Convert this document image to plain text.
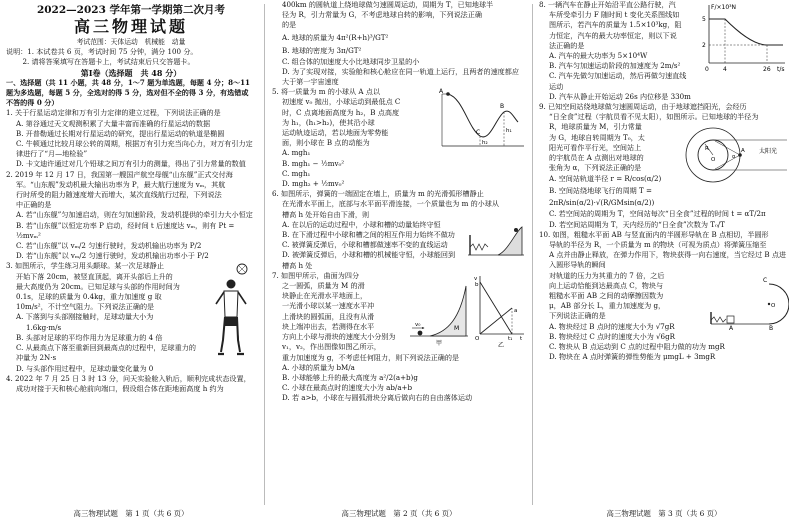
2022—2023 学年第一学期第二次月考

高三物理试题

考试范围：天体运动　机械能　动量

说明：1. 本试卷共 6 页，考试时间 75 分钟，满分 100 分。

　　 2. 请将答案填写在答题卡上，考试结束后只交答题卡。

第Ⅰ卷（选择题　共 48 分）

一、选择题（共 11 小题，共 48 分，1～7 题为单选题，每题 4 分；8～11

题为多选题，每题 5 分，全选对的得 5 分，选对但不全的得 3 分，有选错或

不答的得 0 分）

1. 关于行星运动定律和万有引力定律的建立过程，下列说法正确的是

A. 第谷通过天文观测积累了大量丰富而准确的行星运动的数据

B. 开普勒通过长期对行星运动的研究，提出行星运动的轨道是椭圆

C. 牛顿通过比较月球公转的周期，根据万有引力充当向心力，对万有引力定律进行了“月—地检验”

D. 卡文迪许通过对几个铅球之间万有引力的测量，得出了引力常量的数值

2. 2019 年 12 月 17 日，我国第一艘国产航空母舰“山东舰”正式交付海

军。“山东舰”发动机最大输出功率为 P，最大航行速度为 vₘ，其航

行时所受的阻力随速度增大而增大，某次直线航行过程，下列说法

中正确的是

A. 若“山东舰”匀加速启动，则在匀加速阶段，发动机提供的牵引力大小恒定

B. 若“山东舰”以恒定功率 P 启动，经时间 t 后速度达 vₘ，则有 Pt = ½mvₘ²

C. 若“山东舰”以 vₘ/2 匀速行驶时，发动机输出功率为 P/2

D. 若“山东舰”以 vₘ/2 匀速行驶时，发动机输出功率小于 P/2

3. 如图所示，学生练习用头颠球。某一次足球静止

开始下落 20cm，被竖直顶起，离开头部后上升的

最大高度仍为 20cm。已知足球与头部的作用时间为

0.1s，足球的质量为 0.4kg，重力加速度 g 取

10m/s²，不计空气阻力。下列说法正确的是

A. 下落到与头部刚接触时，足球动量大小为

1.6kg·m/s

B. 头部对足球的平均作用力为足球重力的 4 倍

C. 从最高点下落至重新回到最高点的过程中，足球重力的冲量为 2N·s

D. 与头部作用过程中，足球动量变化量为 0

4. 2022 年 7 月 25 日 3 时 13 分，问天实验舱入轨后，顺利完成状态设置，

成功对接于天和核心舱前向端口，假设组合体在距地面高度 h 约为

高三物理试题　第 1 页（共 6 页）

400km 的圆轨道上绕地球做匀速圆周运动，周期为 T，已知地球半

径为 R，引力常量为 G，不考虑地球自转的影响，下列说法正确

的是

A. 地球的质量为 4π²(R+h)³/GT²

B. 地球的密度为 3π/GT²

C. 组合体的加速度大小比地球同步卫星的小

D. 为了实现对接，实验舱和核心舱应在同一轨道上运行，且两者的速度都应大于第一宇宙速度

A
B
C	h₁
h₂

5. 将一质量为 m 的小球从 A 点以

初速度 v₀ 抛出，小球运动到最低点 C

时，C 点离地面高度为 h₂，B 点高度

为 h₁，(h₁>h₂)，使其沿小球

运动轨迹运动，若以地面为零势能

面，则小球在 B 点的动能为

A. mgh₁

B. mgh₁ − ½mv₀²

C. mgh₁

D. mgh₂ + ½mv₀²

6. 如图所示，弹簧的一端固定在墙上，质量为 m 的光滑弧形槽静止

在光滑水平面上，底部与水平面平滑连接，一个质量也为 m 的小球从

槽高 h 处开始自由下滑，则

A. 在以后的运动过程中，小球和槽的动量始终守恒

B. 在下滑过程中小球和槽之间的相互作用力始终不做功

C. 被弹簧反弹后，小球和槽都做速率不变的直线运动

D. 被弹簧反弹后，小球和槽的机械能守恒，小球能回到槽高 h 处

v₀	M
甲
v
b
a
O	t₁ t
乙

7. 如图甲所示，曲面为四分

之一圆弧，质量为 M 的滑

块静止在光滑水平地面上，

一光滑小球以某一速度水平冲

上滑块的圆弧面，且没有从滑

块上端冲出去，若测得在水平

方向上小球与滑块的速度大小分别为 v₁，v₂，作出图像如图乙所示，

重力加速度为 g，不考虑任何阻力，则下列说法正确的是

A. 小球的质量为 bM/a

B. 小球能够上升的最大高度为 a²/2(a+b)g

C. 小球在最高点时的速度大小为 ab/a+b

D. 若 a>b，小球在与圆弧滑块分离后做向右的自由落体运动

高三物理试题　第 2 页（共 6 页）
F/×10³N
t/s
5
2
0 4	26

8. 一辆汽车在静止开始沿平直公路行驶，汽

车所受牵引力 F 随时间 t 变化关系图线如

图所示，若汽车的质量为 1.5×10³kg，阻

力恒定，汽车的最大功率恒定，则以下说

法正确的是

A. 汽车的最大功率为 5×10⁴W

B. 汽车匀加速运动阶段的加速度为 2m/s²

C. 汽车先做匀加速运动，然后再做匀速直线运动

D. 汽车从静止开始运动 26s 内位移是 330m

9. 已知空间站绕地球做匀速圆周运动，由于地球遮挡阳光，会经历

“日全食”过程（宇航员看不见太阳），如图所示。已知地球的半径为

R
O
A
α
太阳光

R，地球质量为 M，引力常量

为 G，地球自转周期为 T₀，太

阳光可看作平行光，空间站上

的宇航员在 A 点测出对地球的

张角为 α，下列说法正确的是

A. 空间站轨道半径 r = R/cos(α/2)

B. 空间站绕地球飞行的周期 T = 2πR/sin(α/2)·√(R/GMsin(α/2))

C. 若空间站的周期为 T，空间站每次“日全食”过程的时间 t = αT/2π

D. 若空间站周期为 T，天内经历的“日全食”次数为 T₀/T

10. 如图，粗糙水平面 AB 与竖直面内的半圆形导轨在 B 点相切，半圆形

导轨的半径为 R，一个质量为 m 的物块（可视为质点）将弹簧压缩至

A 点并由静止释放，在弹力作用下，物块获得一向右速度，当它经过 B 点进入圆形导轨的瞬间

C
O
B
A

对轨道的压力为其重力的 7 倍，之后

向上运动恰能到达最高点 C，物块与

粗糙水平面 AB 之间的动摩擦因数为

μ，AB 部分长 L，重力加速度为 g，

下列说法正确的是

A. 物块经过 B 点时的速度大小为 √7gR

B. 物块经过 C 点时的速度大小为 √6gR

C. 物块从 B 点运动到 C 点的过程中阻力做的功为 mgR

D. 物块在 A 点时弹簧的弹性势能为 μmgL + 3mgR

高三物理试题　第 3 页（共 6 页）
